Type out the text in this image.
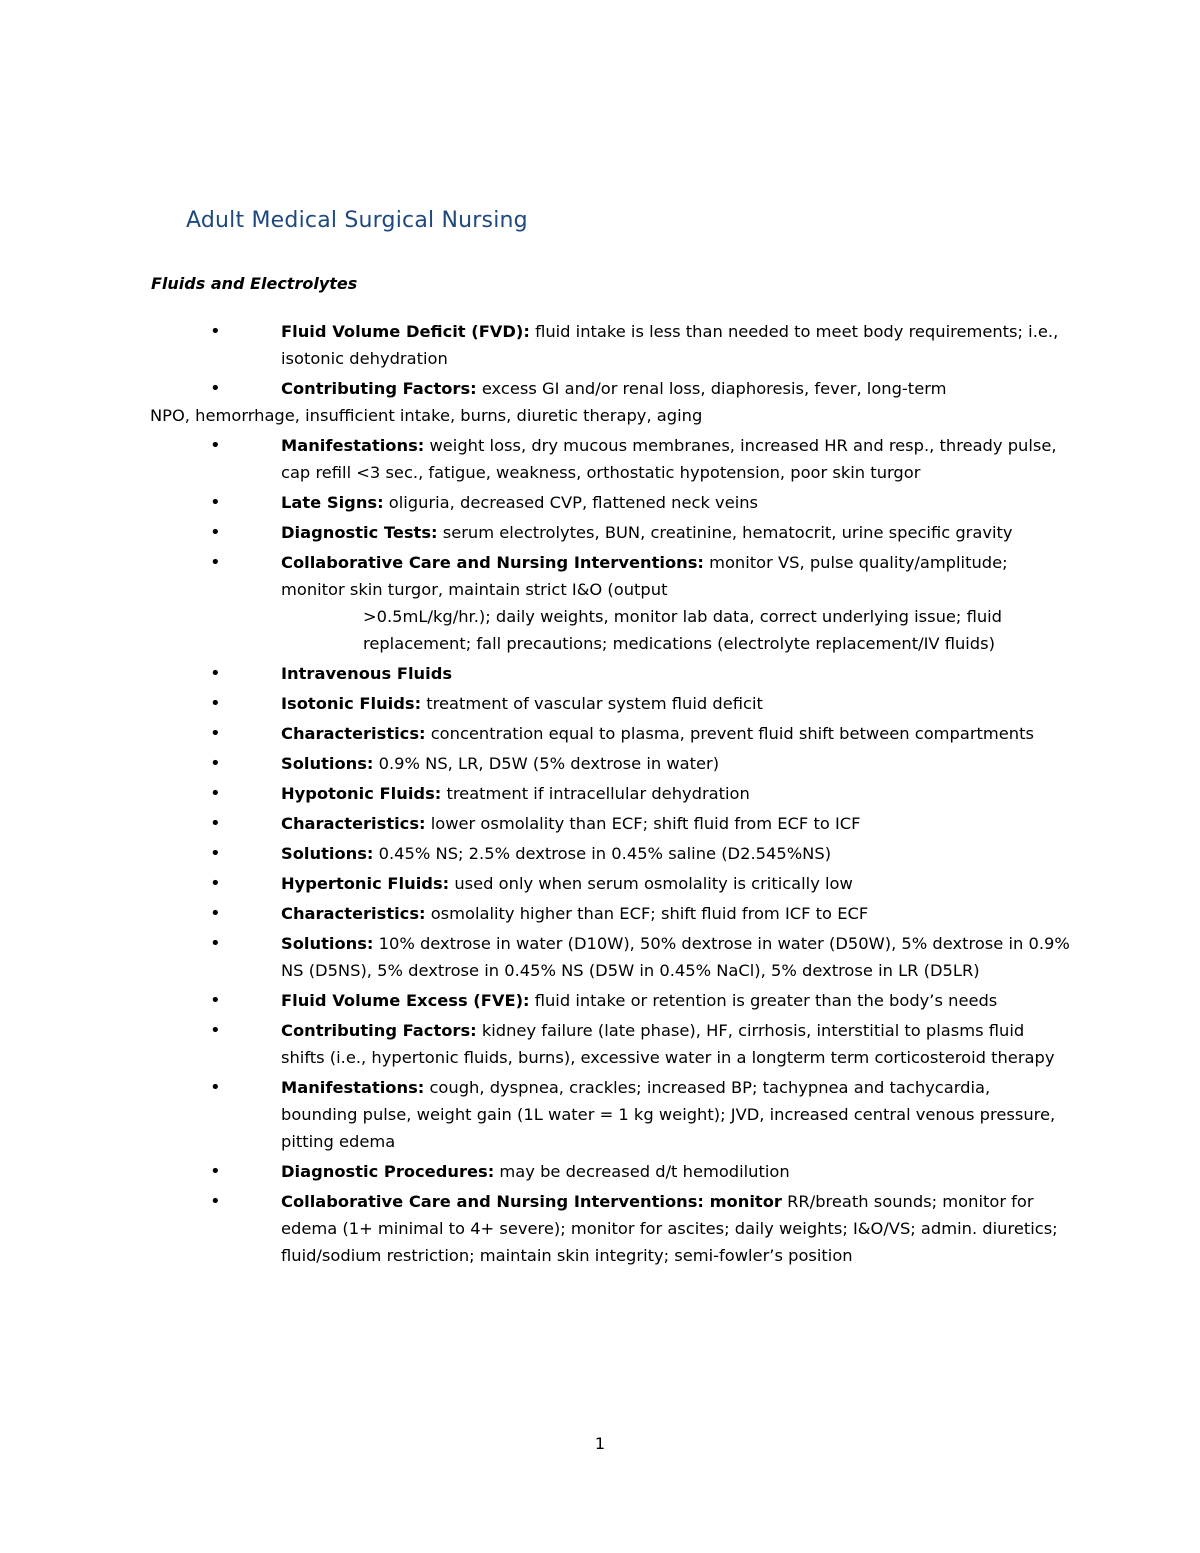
Adult Medical Surgical Nursing
Fluids and Electrolytes
•	Fluid Volume Deficit (FVD): fluid intake is less than needed to meet body requirements; i.e., isotonic dehydration
•	Contributing Factors: excess GI and/or renal loss, diaphoresis, fever, long-term
NPO, hemorrhage, insufficient intake, burns, diuretic therapy, aging
•	Manifestations: weight loss, dry mucous membranes, increased HR and resp., thready pulse, cap refill <3 sec., fatigue, weakness, orthostatic hypotension, poor skin turgor
•	Late Signs: oliguria, decreased CVP, flattened neck veins
•	Diagnostic Tests: serum electrolytes, BUN, creatinine, hematocrit, urine specific gravity
•	Collaborative Care and Nursing Interventions: monitor VS, pulse quality/amplitude; monitor skin turgor, maintain strict I&O (output
>0.5mL/kg/hr.); daily weights, monitor lab data, correct underlying issue; fluid replacement; fall precautions; medications (electrolyte replacement/IV fluids)
•	Intravenous Fluids
•	Isotonic Fluids: treatment of vascular system fluid deficit
•	Characteristics: concentration equal to plasma, prevent fluid shift between compartments
•	Solutions: 0.9% NS, LR, D5W (5% dextrose in water)
•	Hypotonic Fluids: treatment if intracellular dehydration
•	Characteristics: lower osmolality than ECF; shift fluid from ECF to ICF
•	Solutions: 0.45% NS; 2.5% dextrose in 0.45% saline (D2.545%NS)
•	Hypertonic Fluids: used only when serum osmolality is critically low
•	Characteristics: osmolality higher than ECF; shift fluid from ICF to ECF
•	Solutions: 10% dextrose in water (D10W), 50% dextrose in water (D50W), 5% dextrose in 0.9% NS (D5NS), 5% dextrose in 0.45% NS (D5W in 0.45% NaCl), 5% dextrose in LR (D5LR)
•	Fluid Volume Excess (FVE): fluid intake or retention is greater than the body’s needs
•	Contributing Factors: kidney failure (late phase), HF, cirrhosis, interstitial to plasms fluid shifts (i.e., hypertonic fluids, burns), excessive water in a longterm term corticosteroid therapy
•	Manifestations: cough, dyspnea, crackles; increased BP; tachypnea and tachycardia, bounding pulse, weight gain (1L water = 1 kg weight); JVD, increased central venous pressure, pitting edema
•	Diagnostic Procedures: may be decreased d/t hemodilution
•	Collaborative Care and Nursing Interventions: monitor RR/breath sounds; monitor for edema (1+ minimal to 4+ severe); monitor for ascites; daily weights; I&O/VS; admin. diuretics; fluid/sodium restriction; maintain skin integrity; semi-fowler’s position
1
